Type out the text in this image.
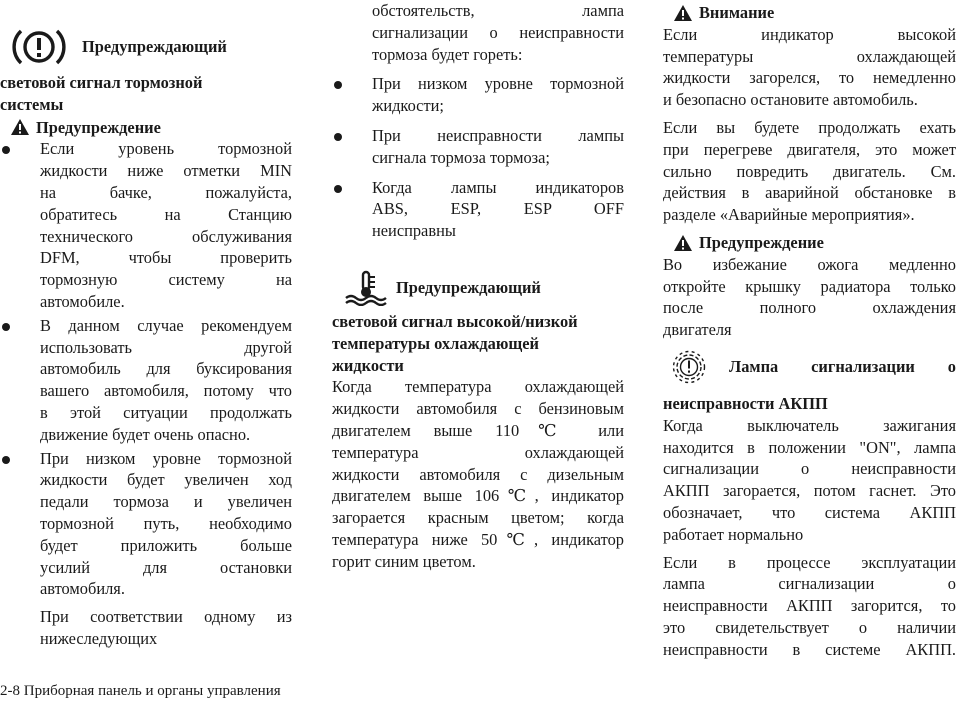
Предупреждающий

световой сигнал тормозной

системы

Предупреждение

Если уровень тормозной

жидкости ниже отметки MIN

на бачке, пожалуйста,

обратитесь на Станцию

технического обслуживания

DFM, чтобы проверить

тормозную систему на

автомобиле.

В данном случае рекомендуем

использовать другой

автомобиль для буксирования

вашего автомобиля, потому что

в этой ситуации продолжать

движение будет очень опасно.

При низком уровне тормозной

жидкости будет увеличен ход

педали тормоза и увеличен

тормозной путь, необходимо

будет приложить больше

усилий для остановки

автомобиля.

При соответствии одному из

нижеследующих

обстоятельств, лампа

сигнализации о неисправности

тормоза будет гореть:

При низком уровне тормозной

жидкости;

При неисправности лампы

сигнала тормоза тормоза;

Когда лампы индикаторов

ABS, ESP, ESP OFF

неисправны

Предупреждающий

световой сигнал высокой/низкой

температуры охлаждающей

жидкости

Когда температура охлаждающей

жидкости автомобиля с бензиновым

двигателем выше 110℃ или

температура охлаждающей

жидкости автомобиля с дизельным

двигателем выше 106℃, индикатор

загорается красным цветом; когда

температура ниже 50℃, индикатор

горит синим цветом.

Внимание

Если индикатор высокой

температуры охлаждающей

жидкости загорелся, то немедленно

и безопасно остановите автомобиль.

Если вы будете продолжать ехать

при перегреве двигателя, это может

сильно повредить двигатель. См.

действия в аварийной обстановке в

разделе «Аварийные мероприятия».

Предупреждение

Во избежание ожога медленно

откройте крышку радиатора только

после полного охлаждения

двигателя

Лампа сигнализации о

неисправности АКПП

Когда выключатель зажигания

находится в положении "ON", лампа

сигнализации о неисправности

АКПП загорается, потом гаснет. Это

обозначает, что система АКПП

работает нормально

Если в процессе эксплуатации

лампа сигнализации о

неисправности АКПП загорится, то

это свидетельствует о наличии

неисправности в системе АКПП.

2-8 Приборная панель и органы управления
